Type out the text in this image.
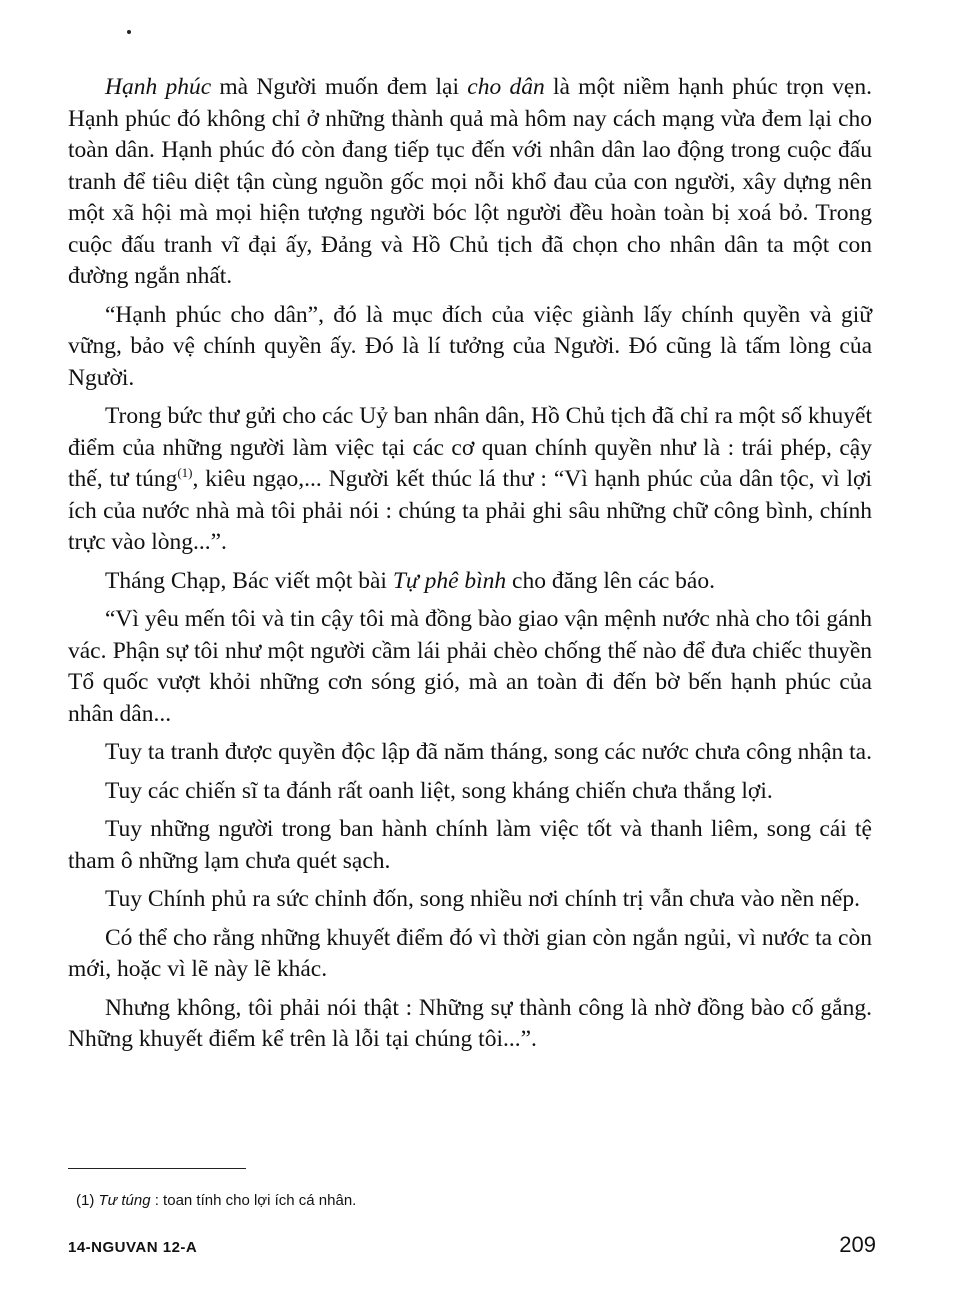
Hạnh phúc mà Người muốn đem lại cho dân là một niềm hạnh phúc trọn vẹn. Hạnh phúc đó không chỉ ở những thành quả mà hôm nay cách mạng vừa đem lại cho toàn dân. Hạnh phúc đó còn đang tiếp tục đến với nhân dân lao động trong cuộc đấu tranh để tiêu diệt tận cùng nguồn gốc mọi nỗi khổ đau của con người, xây dựng nên một xã hội mà mọi hiện tượng người bóc lột người đều hoàn toàn bị xoá bỏ. Trong cuộc đấu tranh vĩ đại ấy, Đảng và Hồ Chủ tịch đã chọn cho nhân dân ta một con đường ngắn nhất.

“Hạnh phúc cho dân”, đó là mục đích của việc giành lấy chính quyền và giữ vững, bảo vệ chính quyền ấy. Đó là lí tưởng của Người. Đó cũng là tấm lòng của Người.

Trong bức thư gửi cho các Uỷ ban nhân dân, Hồ Chủ tịch đã chỉ ra một số khuyết điểm của những người làm việc tại các cơ quan chính quyền như là : trái phép, cậy thế, tư túng$^{(1)}$, kiêu ngạo,... Người kết thúc lá thư : “Vì hạnh phúc của dân tộc, vì lợi ích của nước nhà mà tôi phải nói : chúng ta phải ghi sâu những chữ công bình, chính trực vào lòng...”.

Tháng Chạp, Bác viết một bài Tự phê bình cho đăng lên các báo.

“Vì yêu mến tôi và tin cậy tôi mà đồng bào giao vận mệnh nước nhà cho tôi gánh vác. Phận sự tôi như một người cầm lái phải chèo chống thế nào để đưa chiếc thuyền Tổ quốc vượt khỏi những cơn sóng gió, mà an toàn đi đến bờ bến hạnh phúc của nhân dân...

Tuy ta tranh được quyền độc lập đã năm tháng, song các nước chưa công nhận ta.

Tuy các chiến sĩ ta đánh rất oanh liệt, song kháng chiến chưa thắng lợi.

Tuy những người trong ban hành chính làm việc tốt và thanh liêm, song cái tệ tham ô những lạm chưa quét sạch.

Tuy Chính phủ ra sức chỉnh đốn, song nhiều nơi chính trị vẫn chưa vào nền nếp.

Có thể cho rằng những khuyết điểm đó vì thời gian còn ngắn ngủi, vì nước ta còn mới, hoặc vì lẽ này lẽ khác.

Nhưng không, tôi phải nói thật : Những sự thành công là nhờ đồng bào cố gắng. Những khuyết điểm kể trên là lỗi tại chúng tôi...”.

(1) Tư túng : toan tính cho lợi ích cá nhân.
14-NGUVAN 12-A	209
